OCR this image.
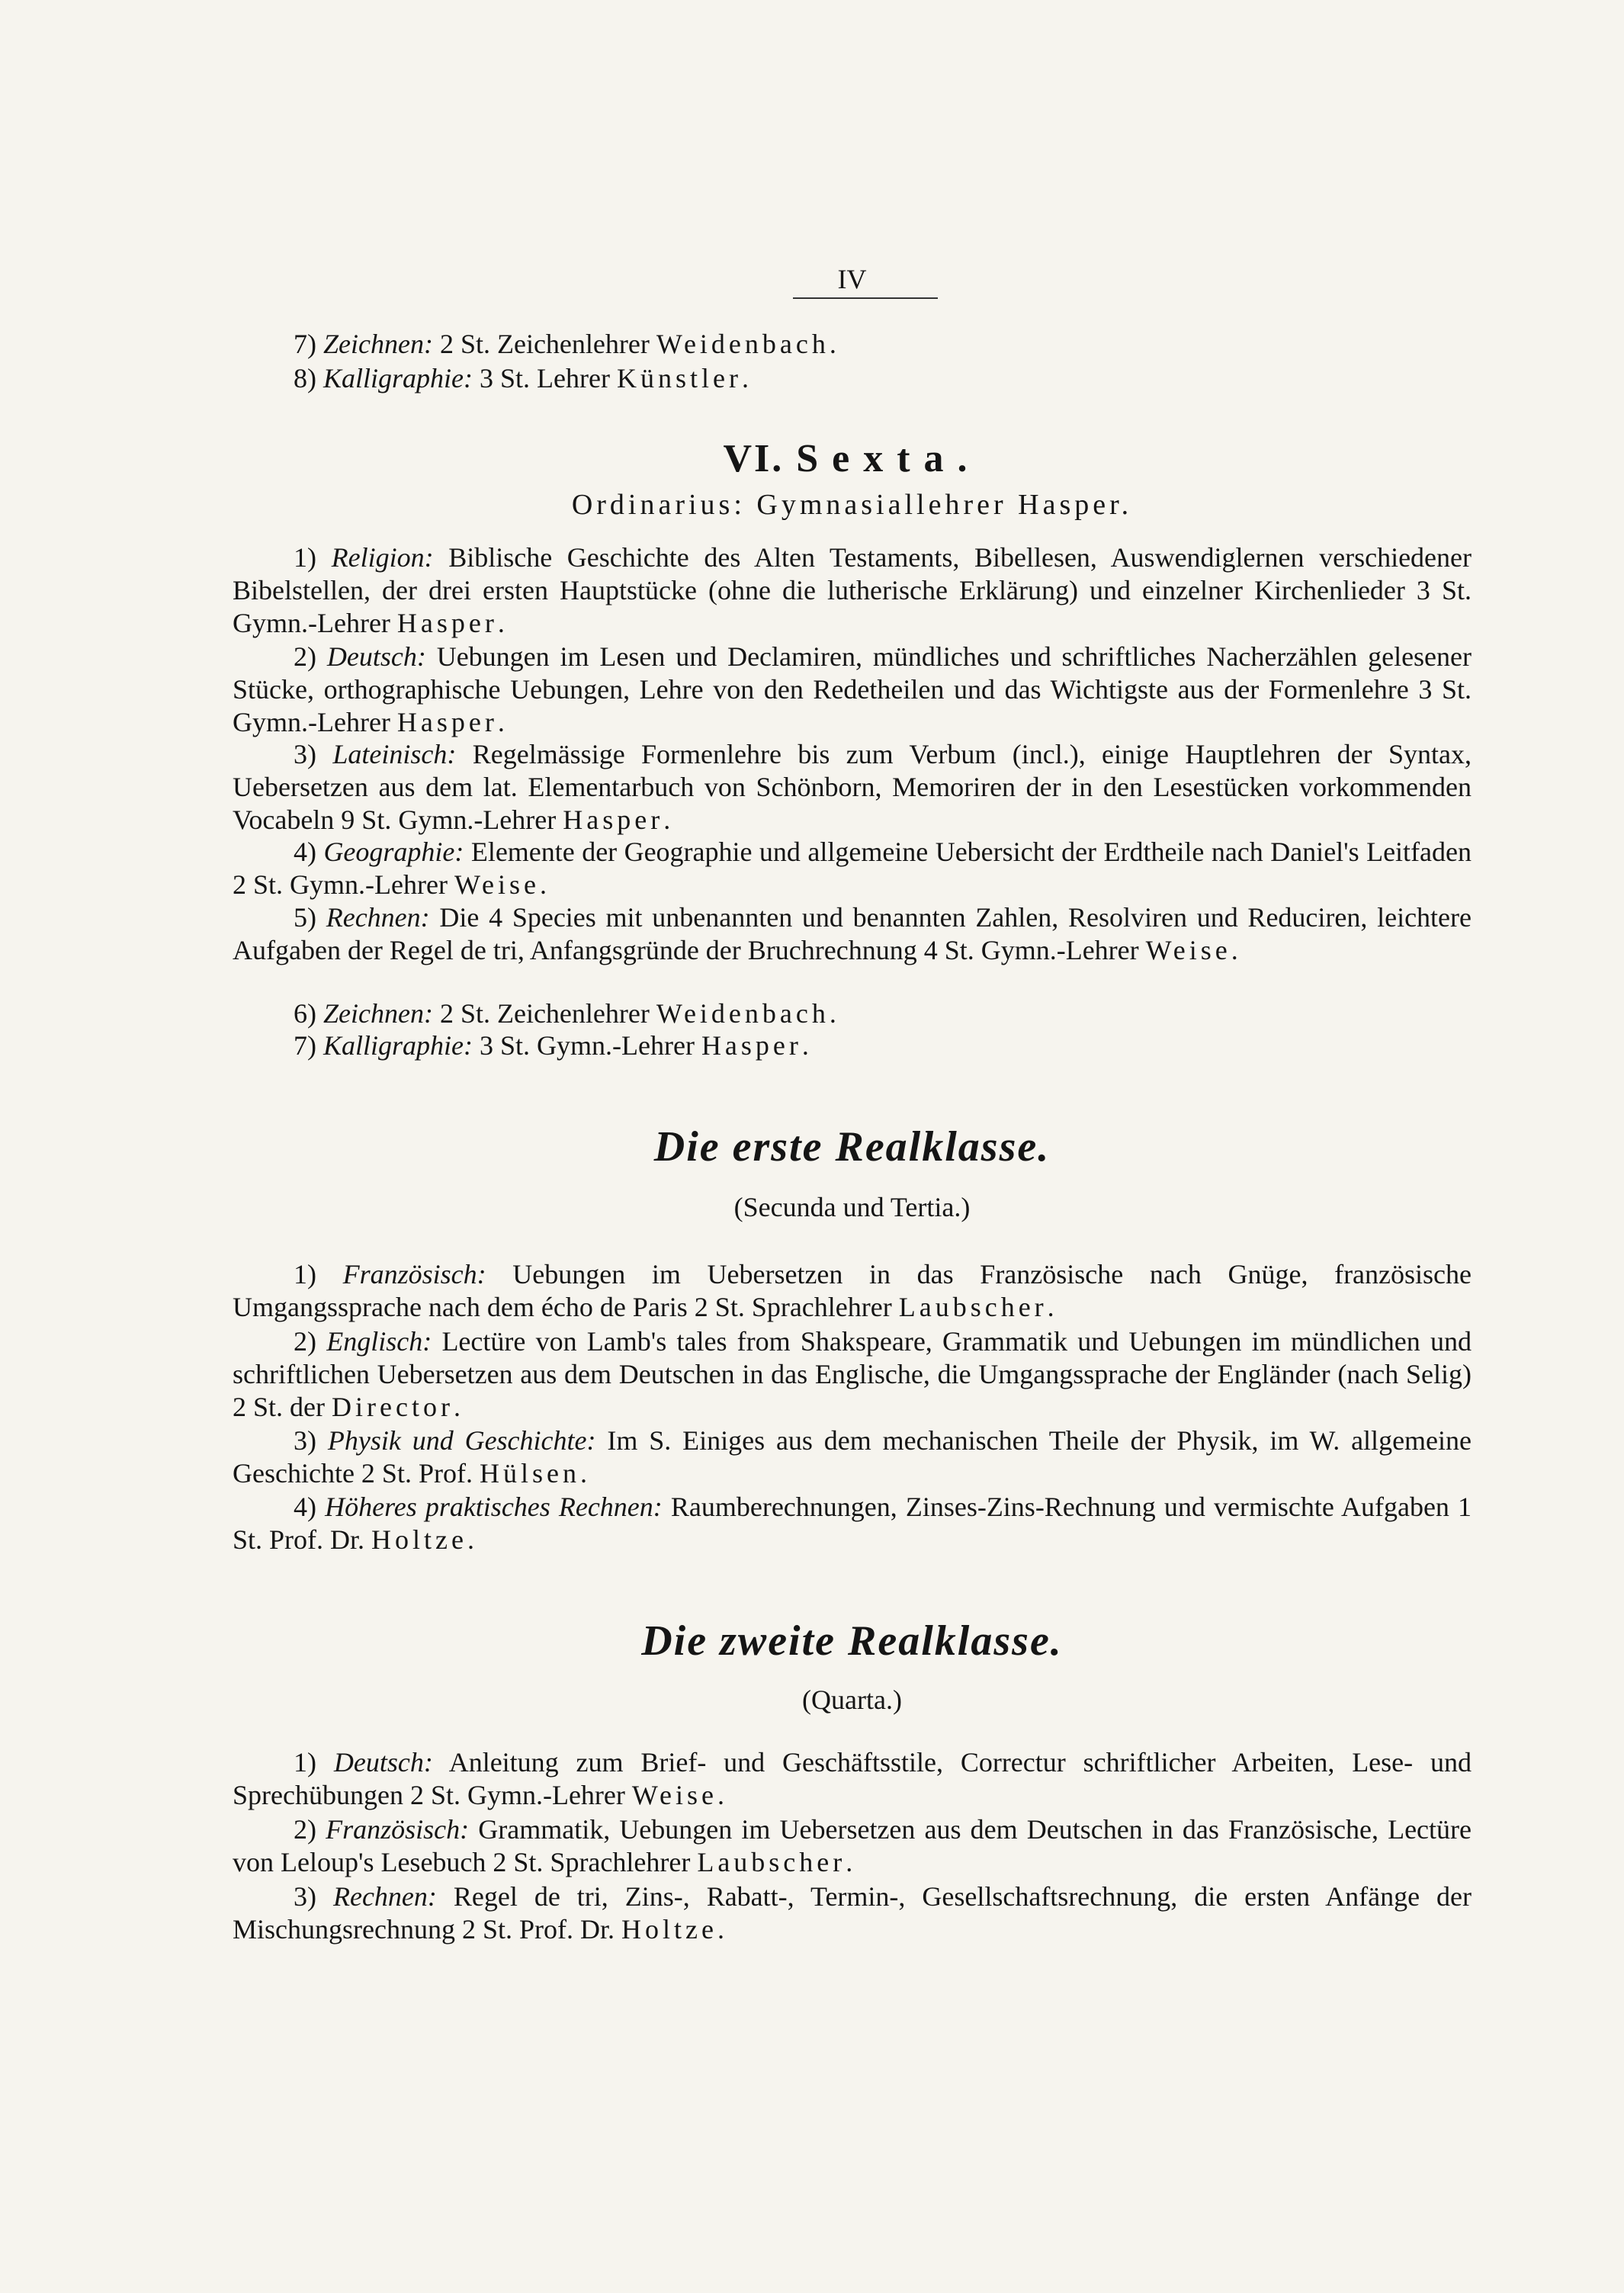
IV

7) Zeichnen: 2 St. Zeichenlehrer Weidenbach.

8) Kalligraphie: 3 St. Lehrer Künstler.

VI. Sexta.

Ordinarius: Gymnasiallehrer Hasper.

1) Religion: Biblische Geschichte des Alten Testaments, Bibellesen, Auswendiglernen verschiedener Bibelstellen, der drei ersten Hauptstücke (ohne die lutherische Erklärung) und einzelner Kirchenlieder 3 St. Gymn.-Lehrer Hasper.

2) Deutsch: Uebungen im Lesen und Declamiren, mündliches und schriftliches Nacherzählen gelesener Stücke, orthographische Uebungen, Lehre von den Redetheilen und das Wichtigste aus der Formenlehre 3 St. Gymn.-Lehrer Hasper.

3) Lateinisch: Regelmässige Formenlehre bis zum Verbum (incl.), einige Hauptlehren der Syntax, Uebersetzen aus dem lat. Elementarbuch von Schönborn, Memoriren der in den Lesestücken vorkommenden Vocabeln 9 St. Gymn.-Lehrer Hasper.

4) Geographie: Elemente der Geographie und allgemeine Uebersicht der Erdtheile nach Daniel's Leitfaden 2 St. Gymn.-Lehrer Weise.

5) Rechnen: Die 4 Species mit unbenannten und benannten Zahlen, Resolviren und Reduciren, leichtere Aufgaben der Regel de tri, Anfangsgründe der Bruchrechnung 4 St. Gymn.-Lehrer Weise.

6) Zeichnen: 2 St. Zeichenlehrer Weidenbach.

7) Kalligraphie: 3 St. Gymn.-Lehrer Hasper.

Die erste Realklasse.

(Secunda und Tertia.)

1) Französisch: Uebungen im Uebersetzen in das Französische nach Gnüge, französische Umgangssprache nach dem écho de Paris 2 St. Sprachlehrer Laubscher.

2) Englisch: Lectüre von Lamb's tales from Shakspeare, Grammatik und Uebungen im mündlichen und schriftlichen Uebersetzen aus dem Deutschen in das Englische, die Umgangssprache der Engländer (nach Selig) 2 St. der Director.

3) Physik und Geschichte: Im S. Einiges aus dem mechanischen Theile der Physik, im W. allgemeine Geschichte 2 St. Prof. Hülsen.

4) Höheres praktisches Rechnen: Raumberechnungen, Zinses-Zins-Rechnung und vermischte Aufgaben 1 St. Prof. Dr. Holtze.

Die zweite Realklasse.

(Quarta.)

1) Deutsch: Anleitung zum Brief- und Geschäftsstile, Correctur schriftlicher Arbeiten, Lese- und Sprechübungen 2 St. Gymn.-Lehrer Weise.

2) Französisch: Grammatik, Uebungen im Uebersetzen aus dem Deutschen in das Französische, Lectüre von Leloup's Lesebuch 2 St. Sprachlehrer Laubscher.

3) Rechnen: Regel de tri, Zins-, Rabatt-, Termin-, Gesellschaftsrechnung, die ersten Anfänge der Mischungsrechnung 2 St. Prof. Dr. Holtze.
